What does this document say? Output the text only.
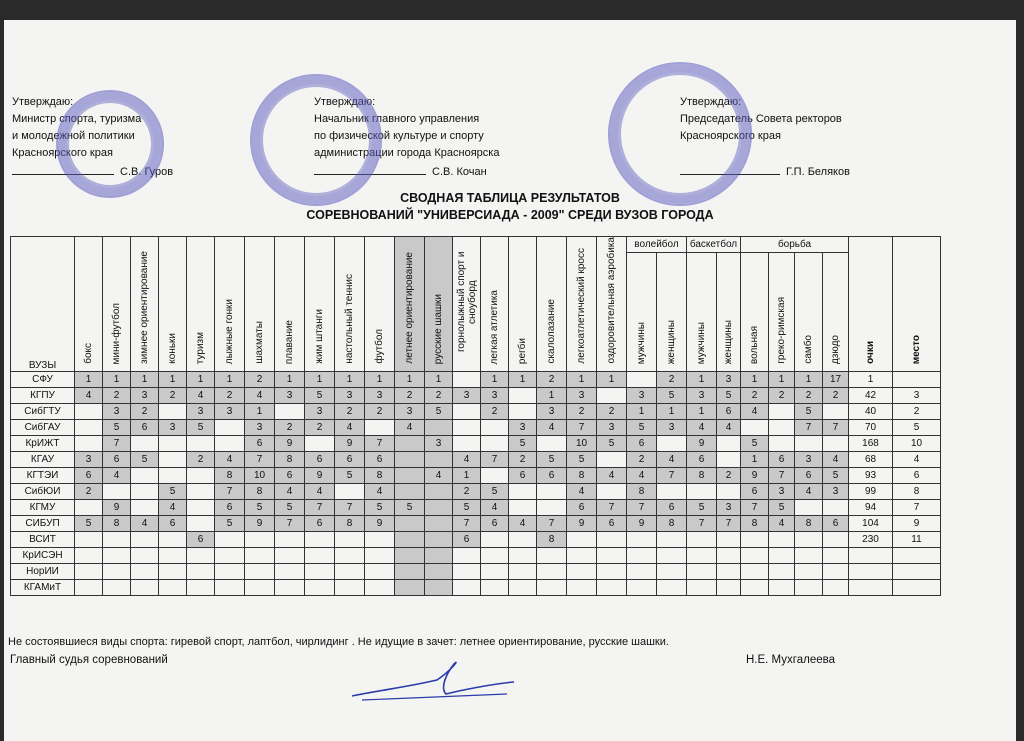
Утверждаю:
Министр спорта, туризма
и молодежной политики
Красноярского края
С.В. Гуров
Утверждаю:
Начальник главного управления
по физической культуре и спорту
администрации города Красноярска
С.В. Кочан
Утверждаю:
Председатель Совета ректоров
Красноярского края

Г.П. Беляков
СВОДНАЯ ТАБЛИЦА РЕЗУЛЬТАТОВ
СОРЕВНОВАНИЙ "УНИВЕРСИАДА - 2009" СРЕДИ ВУЗОВ ГОРОДА
ВУЗЫ	бокс	мини-футбол	зимнее ориентирование	коньки	туризм	лыжные гонки	шахматы	плавание	жим штанги	настольный теннис	футбол	летнее ориентирование	русские шашки	горнолыжный спорт и сноуборд	легкая атлетика	регби	скалолазание	легкоатлетический кросс	оздоровительная аэробика	волейбол		баскетбол		борьба				очки	место
																				мужчины	женщины	мужчины	женщины	вольная	греко-римская	самбо	дзюдо		
СФУ	1	1	1	1	1	1	2	1	1	1	1	1	1		1	1	2	1	1		2	1	3	1	1	1	17	1	
КГПУ	4	2	3	2	4	2	4	3	5	3	3	2	2	3	3		1	3		3	5	3	5	2	2	2	2	42	3
СибГТУ		3	2		3	3	1		3	2	2	3	5		2		3	2	2	1	1	1	6	4		5		40	2
СибГАУ		5	6	3	5		3	2	2	4		4				3	4	7	3	5	3	4	4			7	7	70	5
КрИЖТ		7					6	9		9	7		3			5		10	5	6		9		5				168	10
КГАУ	3	6	5		2	4	7	8	6	6	6			4	7	2	5	5		2	4	6		1	6	3	4	68	4
КГТЭИ	6	4				8	10	6	9	5	8		4	1		6	6	8	4	4	7	8	2	9	7	6	5	93	6
СибЮИ	2			5		7	8	4	4		4			2	5			4		8				6	3	4	3	99	8
КГМУ		9		4		6	5	5	7	7	5	5		5	4			6	7	7	6	5	3	7	5			94	7
СИБУП	5	8	4	6		5	9	7	6	8	9			7	6	4	7	9	6	9	8	7	7	8	4	8	6	104	9
ВСИТ					6									6			8											230	11
КрИСЭН																													
НорИИ																													
КГАМиТ																													
Не состоявшиеся виды спорта: гиревой спорт, лаптбол, чирлидинг . Не идущие в зачет: летнее ориентирование, русские шашки.
Главный судья соревнований	Н.Е. Мухгалеева
